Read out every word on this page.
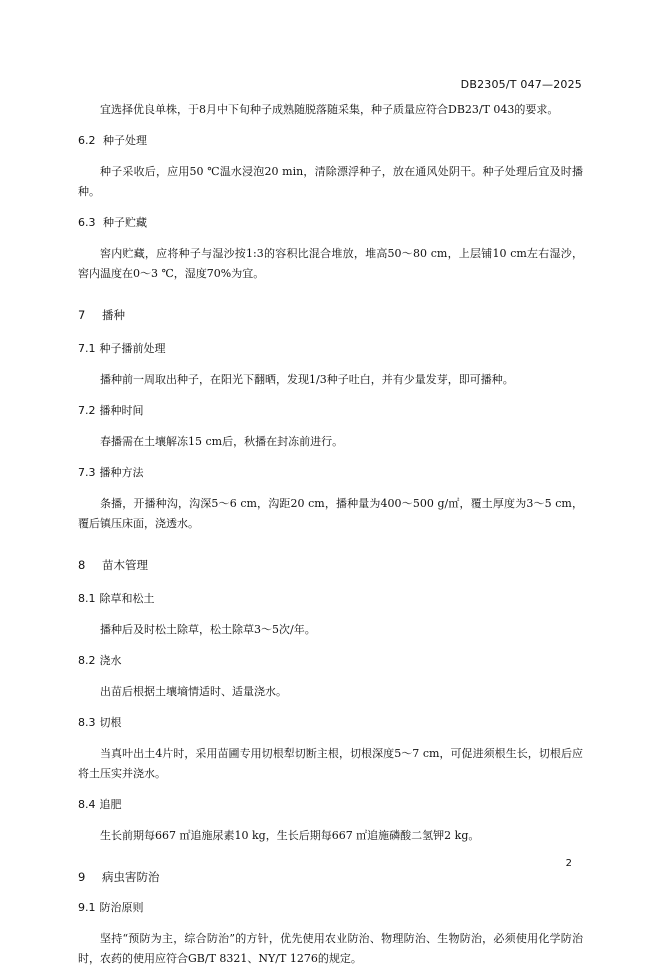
DB2305/T 047—2025

宜选择优良单株，于8月中下旬种子成熟随脱落随采集，种子质量应符合DB23/T 043的要求。

6.2 种子处理

种子采收后，应用50 ℃温水浸泡20 min，清除漂浮种子，放在通风处阴干。种子处理后宜及时播种。

6.3 种子贮藏

窖内贮藏，应将种子与湿沙按1:3的容积比混合堆放，堆高50～80 cm，上层铺10 cm左右湿沙，窖内温度在0～3 ℃，湿度70%为宜。

7 播种
7.1 种子播前处理

播种前一周取出种子，在阳光下翻晒，发现1/3种子吐白，并有少量发芽，即可播种。

7.2 播种时间

春播需在土壤解冻15 cm后，秋播在封冻前进行。

7.3 播种方法

条播，开播种沟，沟深5～6 cm，沟距20 cm，播种量为400～500 g/㎡，覆土厚度为3～5 cm，覆后镇压床面，浇透水。

8 苗木管理
8.1 除草和松土

播种后及时松土除草，松土除草3～5次/年。

8.2 浇水

出苗后根据土壤墒情适时、适量浇水。

8.3 切根

当真叶出土4片时，采用苗圃专用切根犁切断主根，切根深度5～7 cm，可促进须根生长，切根后应将土压实并浇水。

8.4 追肥

生长前期每667 ㎡追施尿素10 kg，生长后期每667 ㎡追施磷酸二氢钾2 kg。

9 病虫害防治
9.1 防治原则

坚持“预防为主，综合防治”的方针，优先使用农业防治、物理防治、生物防治，必须使用化学防治时，农药的使用应符合GB/T 8321、NY/T 1276的规定。

2
